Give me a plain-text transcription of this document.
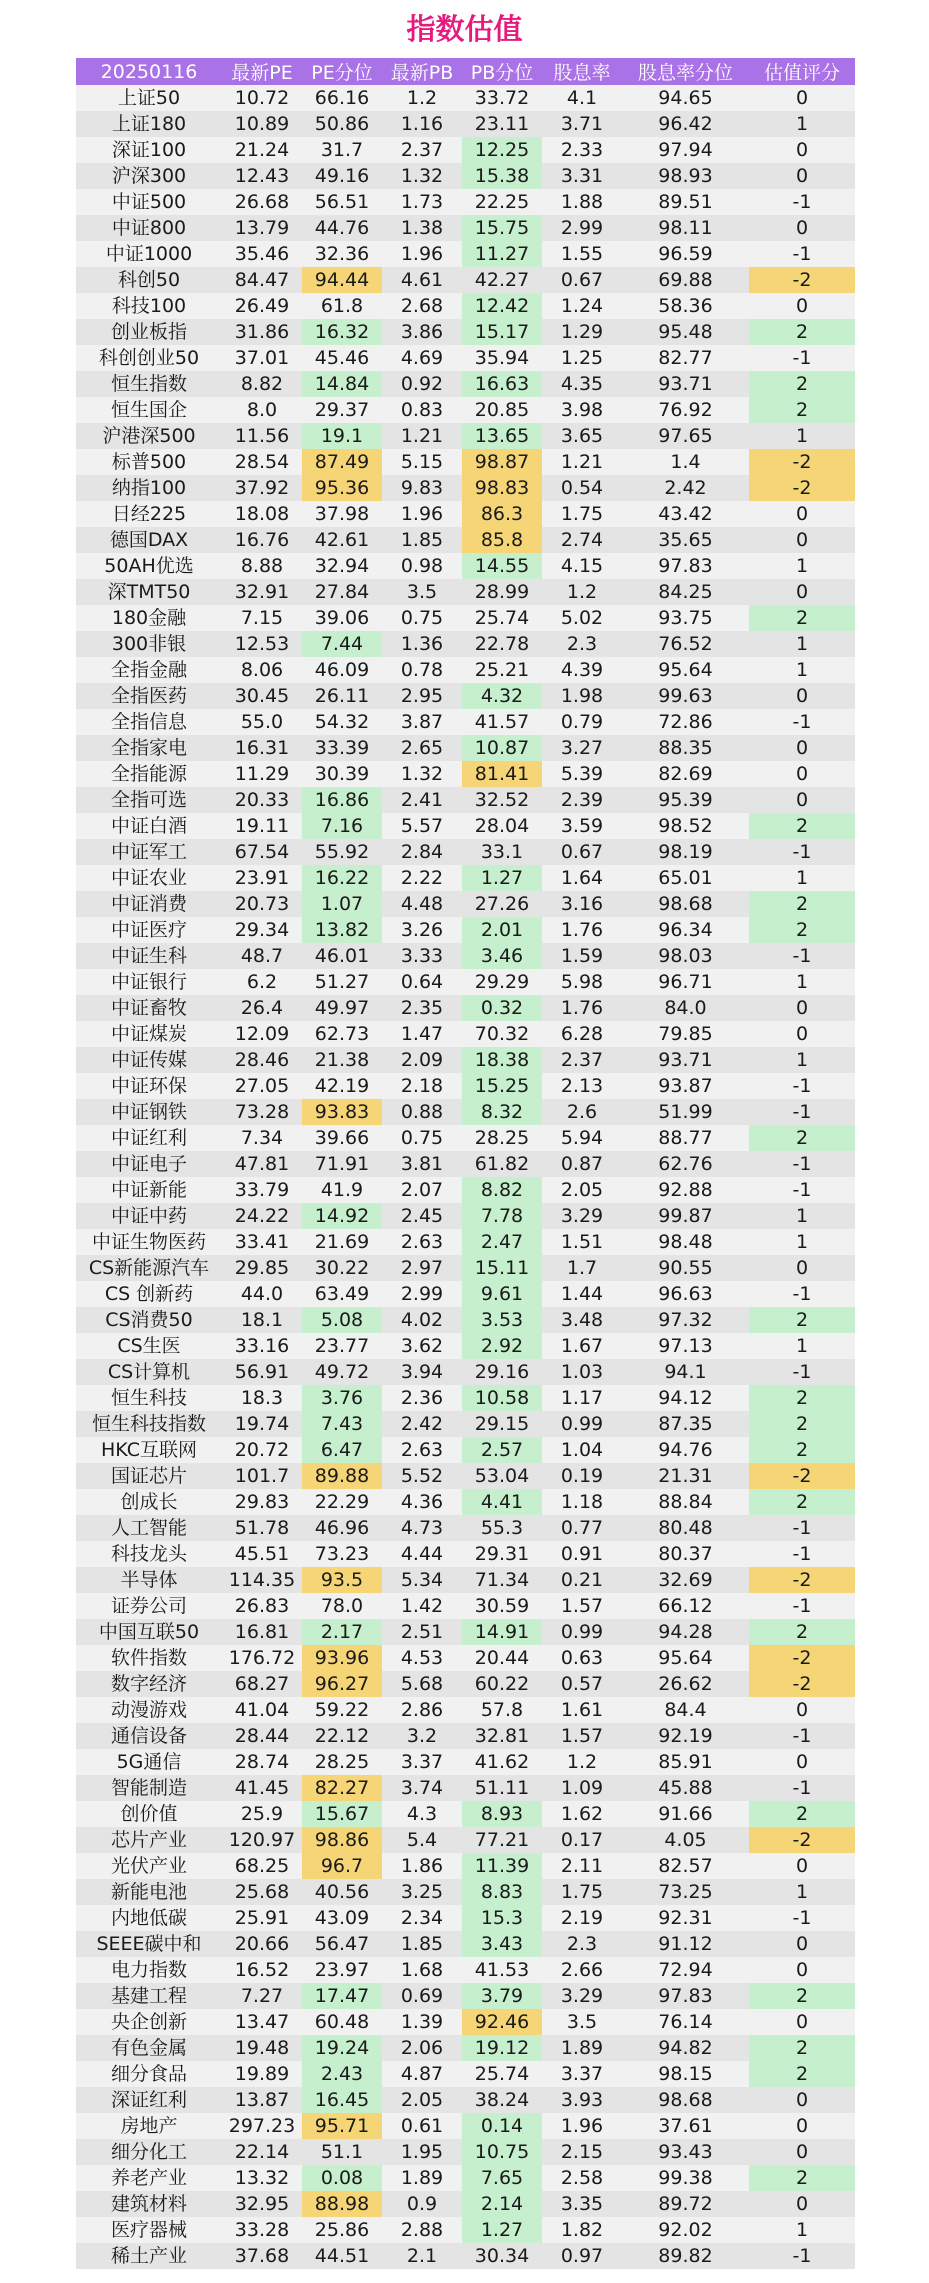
指数估值
20250116	最新PE	PE分位	最新PB	PB分位	股息率	股息率分位	估值评分
上证50	10.72	66.16	1.2	33.72	4.1	94.65	0
上证180	10.89	50.86	1.16	23.11	3.71	96.42	1
深证100	21.24	31.7	2.37	12.25	2.33	97.94	0
沪深300	12.43	49.16	1.32	15.38	3.31	98.93	0
中证500	26.68	56.51	1.73	22.25	1.88	89.51	-1
中证800	13.79	44.76	1.38	15.75	2.99	98.11	0
中证1000	35.46	32.36	1.96	11.27	1.55	96.59	-1
科创50	84.47	94.44	4.61	42.27	0.67	69.88	-2
科技100	26.49	61.8	2.68	12.42	1.24	58.36	0
创业板指	31.86	16.32	3.86	15.17	1.29	95.48	2
科创创业50	37.01	45.46	4.69	35.94	1.25	82.77	-1
恒生指数	8.82	14.84	0.92	16.63	4.35	93.71	2
恒生国企	8.0	29.37	0.83	20.85	3.98	76.92	2
沪港深500	11.56	19.1	1.21	13.65	3.65	97.65	1
标普500	28.54	87.49	5.15	98.87	1.21	1.4	-2
纳指100	37.92	95.36	9.83	98.83	0.54	2.42	-2
日经225	18.08	37.98	1.96	86.3	1.75	43.42	0
德国DAX	16.76	42.61	1.85	85.8	2.74	35.65	0
50AH优选	8.88	32.94	0.98	14.55	4.15	97.83	1
深TMT50	32.91	27.84	3.5	28.99	1.2	84.25	0
180金融	7.15	39.06	0.75	25.74	5.02	93.75	2
300非银	12.53	7.44	1.36	22.78	2.3	76.52	1
全指金融	8.06	46.09	0.78	25.21	4.39	95.64	1
全指医药	30.45	26.11	2.95	4.32	1.98	99.63	0
全指信息	55.0	54.32	3.87	41.57	0.79	72.86	-1
全指家电	16.31	33.39	2.65	10.87	3.27	88.35	0
全指能源	11.29	30.39	1.32	81.41	5.39	82.69	0
全指可选	20.33	16.86	2.41	32.52	2.39	95.39	0
中证白酒	19.11	7.16	5.57	28.04	3.59	98.52	2
中证军工	67.54	55.92	2.84	33.1	0.67	98.19	-1
中证农业	23.91	16.22	2.22	1.27	1.64	65.01	1
中证消费	20.73	1.07	4.48	27.26	3.16	98.68	2
中证医疗	29.34	13.82	3.26	2.01	1.76	96.34	2
中证生科	48.7	46.01	3.33	3.46	1.59	98.03	-1
中证银行	6.2	51.27	0.64	29.29	5.98	96.71	1
中证畜牧	26.4	49.97	2.35	0.32	1.76	84.0	0
中证煤炭	12.09	62.73	1.47	70.32	6.28	79.85	0
中证传媒	28.46	21.38	2.09	18.38	2.37	93.71	1
中证环保	27.05	42.19	2.18	15.25	2.13	93.87	-1
中证钢铁	73.28	93.83	0.88	8.32	2.6	51.99	-1
中证红利	7.34	39.66	0.75	28.25	5.94	88.77	2
中证电子	47.81	71.91	3.81	61.82	0.87	62.76	-1
中证新能	33.79	41.9	2.07	8.82	2.05	92.88	-1
中证中药	24.22	14.92	2.45	7.78	3.29	99.87	1
中证生物医药	33.41	21.69	2.63	2.47	1.51	98.48	1
CS新能源汽车	29.85	30.22	2.97	15.11	1.7	90.55	0
CS 创新药	44.0	63.49	2.99	9.61	1.44	96.63	-1
CS消费50	18.1	5.08	4.02	3.53	3.48	97.32	2
CS生医	33.16	23.77	3.62	2.92	1.67	97.13	1
CS计算机	56.91	49.72	3.94	29.16	1.03	94.1	-1
恒生科技	18.3	3.76	2.36	10.58	1.17	94.12	2
恒生科技指数	19.74	7.43	2.42	29.15	0.99	87.35	2
HKC互联网	20.72	6.47	2.63	2.57	1.04	94.76	2
国证芯片	101.7	89.88	5.52	53.04	0.19	21.31	-2
创成长	29.83	22.29	4.36	4.41	1.18	88.84	2
人工智能	51.78	46.96	4.73	55.3	0.77	80.48	-1
科技龙头	45.51	73.23	4.44	29.31	0.91	80.37	-1
半导体	114.35	93.5	5.34	71.34	0.21	32.69	-2
证券公司	26.83	78.0	1.42	30.59	1.57	66.12	-1
中国互联50	16.81	2.17	2.51	14.91	0.99	94.28	2
软件指数	176.72	93.96	4.53	20.44	0.63	95.64	-2
数字经济	68.27	96.27	5.68	60.22	0.57	26.62	-2
动漫游戏	41.04	59.22	2.86	57.8	1.61	84.4	0
通信设备	28.44	22.12	3.2	32.81	1.57	92.19	-1
5G通信	28.74	28.25	3.37	41.62	1.2	85.91	0
智能制造	41.45	82.27	3.74	51.11	1.09	45.88	-1
创价值	25.9	15.67	4.3	8.93	1.62	91.66	2
芯片产业	120.97	98.86	5.4	77.21	0.17	4.05	-2
光伏产业	68.25	96.7	1.86	11.39	2.11	82.57	0
新能电池	25.68	40.56	3.25	8.83	1.75	73.25	1
内地低碳	25.91	43.09	2.34	15.3	2.19	92.31	-1
SEEE碳中和	20.66	56.47	1.85	3.43	2.3	91.12	0
电力指数	16.52	23.97	1.68	41.53	2.66	72.94	0
基建工程	7.27	17.47	0.69	3.79	3.29	97.83	2
央企创新	13.47	60.48	1.39	92.46	3.5	76.14	0
有色金属	19.48	19.24	2.06	19.12	1.89	94.82	2
细分食品	19.89	2.43	4.87	25.74	3.37	98.15	2
深证红利	13.87	16.45	2.05	38.24	3.93	98.68	0
房地产	297.23	95.71	0.61	0.14	1.96	37.61	0
细分化工	22.14	51.1	1.95	10.75	2.15	93.43	0
养老产业	13.32	0.08	1.89	7.65	2.58	99.38	2
建筑材料	32.95	88.98	0.9	2.14	3.35	89.72	0
医疗器械	33.28	25.86	2.88	1.27	1.82	92.02	1
稀土产业	37.68	44.51	2.1	30.34	0.97	89.82	-1
